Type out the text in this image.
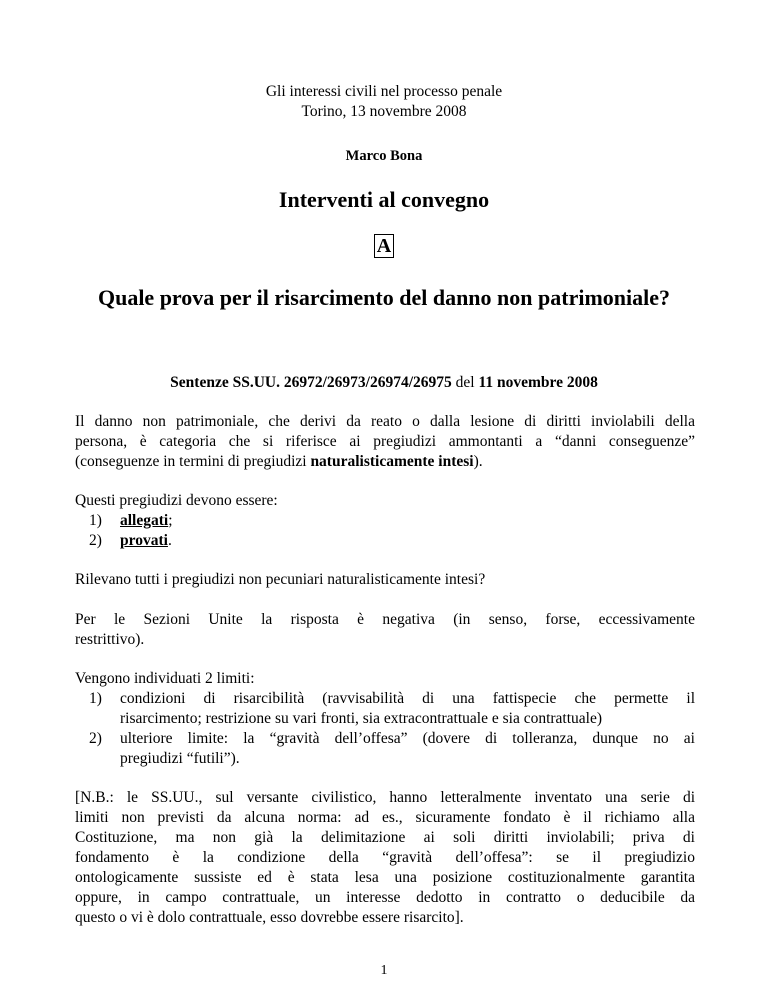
Gli interessi civili nel processo penale
Torino, 13 novembre 2008
Marco Bona
Interventi al convegno
A
Quale prova per il risarcimento del danno non patrimoniale?
Sentenze SS.UU. 26972/26973/26974/26975 del 11 novembre 2008
Il danno non patrimoniale, che derivi da reato o dalla lesione di diritti inviolabili della
persona, è categoria che si riferisce ai pregiudizi ammontanti a “danni conseguenze”
(conseguenze in termini di pregiudizi naturalisticamente intesi).
Questi pregiudizi devono essere:
1) allegati;
2) provati.
Rilevano tutti i pregiudizi non pecuniari naturalisticamente intesi?
Per le Sezioni Unite la risposta è negativa (in senso, forse, eccessivamente
restrittivo).
Vengono individuati 2 limiti:
1) condizioni di risarcibilità (ravvisabilità di una fattispecie che permette il
risarcimento; restrizione su vari fronti, sia extracontrattuale e sia contrattuale)
2) ulteriore limite: la “gravità dell’offesa” (dovere di tolleranza, dunque no ai
pregiudizi “futili”).
[N.B.: le SS.UU., sul versante civilistico, hanno letteralmente inventato una serie di
limiti non previsti da alcuna norma: ad es., sicuramente fondato è il richiamo alla
Costituzione, ma non già la delimitazione ai soli diritti inviolabili; priva di
fondamento è la condizione della “gravità dell’offesa”: se il pregiudizio
ontologicamente sussiste ed è stata lesa una posizione costituzionalmente garantita
oppure, in campo contrattuale, un interesse dedotto in contratto o deducibile da
questo o vi è dolo contrattuale, esso dovrebbe essere risarcito].
1
